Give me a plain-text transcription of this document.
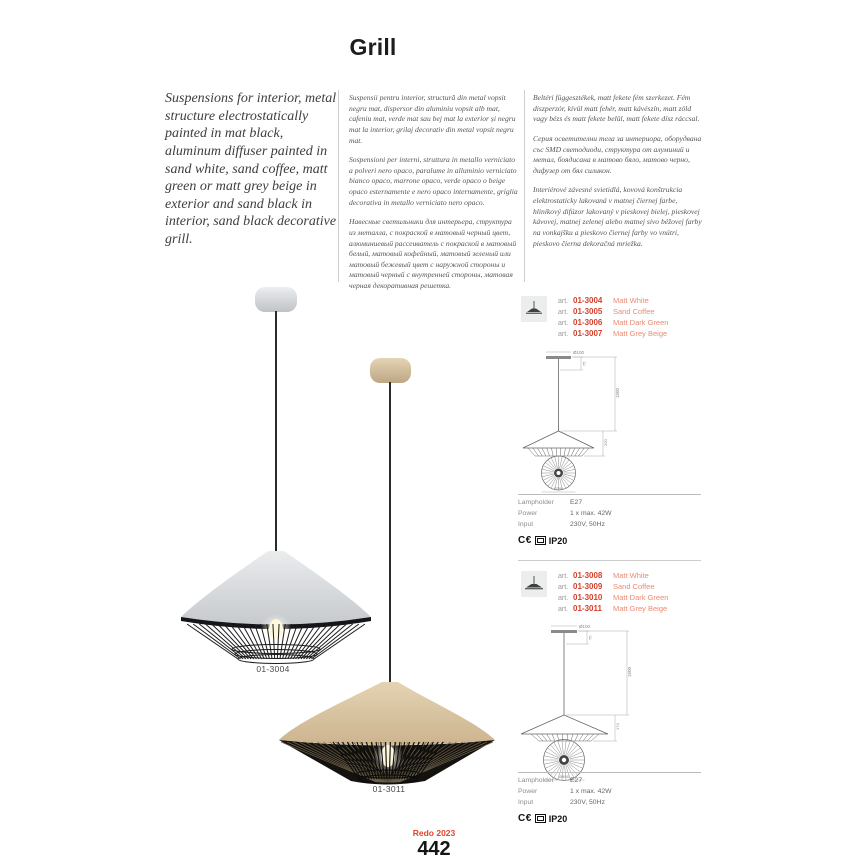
Grill
Suspensions for interior, metal structure electrostatically painted in mat black, aluminum diffuser painted in sand white, sand coffee, matt green or matt grey beige in exterior and sand black in interior, sand black decorative grill.

Suspensii pentru interior, structură din metal vopsit negru mat, dispersor din aluminiu vopsit alb mat, cafeniu mat, verde mat sau bej mat la exterior și negru mat la interior, grilaj decorativ din metal vopsit negru mat.

Sospensioni per interni, struttura in metallo verniciato a polveri nero opaco, paralume in alluminio verniciato bianco opaco, marrone opaco, verde opaco o beige opaco esternamente e nero opaco internamente, griglia decorativa in metallo verniciato nero opaco.

Навесные светильники для интерьера, структура из металла, с покраской в матовый черный цвет, алюминиевый рассеиватель с покраской в матовый белый, матовый кофейный, матовый зеленый или матовый бежевый цвет с наружной стороны и матовый черный с внутренней стороны, матовая черная декоративная решетка.

Beltéri függesztékek, matt fekete fém szerkezet. Fém diszperzór, kívül matt fehér, matt kávészín, matt zöld vagy bézs és matt fekete belül, matt fekete dísz ráccsal.

Серия осветителни тела за интериора, оборудвана със SMD светодиоди, структура от алуминий и метал, боядисана в матово бяло, матово черно, дифузер от бял силикон.

Interiérové závesné svietidlá, kovová konštrukcia elektrostaticky lakovaná v matnej čiernej farbe, hliníkový difúzor lakovaný v pieskovej bielej, pieskovej kávovej, matnej zelenej alebo matnej sivo béžovej farby na vonkajšku a pieskovo čiernej farby vo vnútri, pieskovo čierna dekoračná mriežka.

01-3004
01-3011
art. 01-3004	Matt White
art. 01-3005	Sand Coffee
art. 01-3006	Matt Dark Green
art. 01-3007	Matt Grey Beige
Ø100
75
1500
200
Ø396
Lampholder	E27
Power	1 x max. 42W
Input	230V, 50Hz
C€ IP20
art. 01-3008	Matt White
art. 01-3009	Sand Coffee
art. 01-3010	Matt Dark Green
art. 01-3011	Matt Grey Beige
Ø100
75
1500
174
Ø495
Lampholder	E27
Power	1 x max. 42W
Input	230V, 50Hz
C€ IP20
Redo 2023
442
